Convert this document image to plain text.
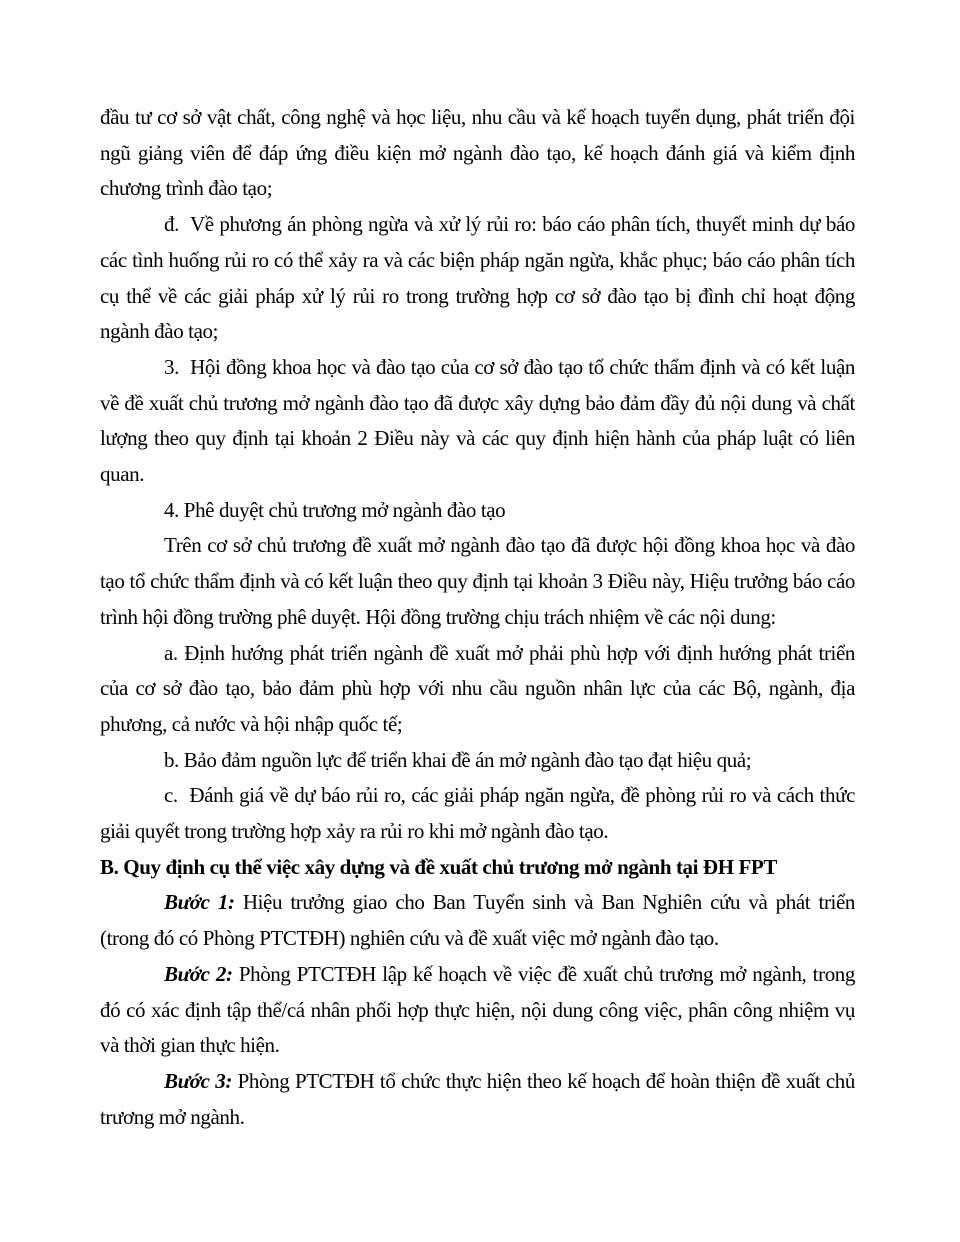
đầu tư cơ sở vật chất, công nghệ và học liệu, nhu cầu và kế hoạch tuyển dụng, phát triển đội ngũ giảng viên để đáp ứng điều kiện mở ngành đào tạo, kế hoạch đánh giá và kiểm định chương trình đào tạo;

đ.  Về phương án phòng ngừa và xử lý rủi ro: báo cáo phân tích, thuyết minh dự báo các tình huống rủi ro có thể xảy ra và các biện pháp ngăn ngừa, khắc phục; báo cáo phân tích cụ thể về các giải pháp xử lý rủi ro trong trường hợp cơ sở đào tạo bị đình chỉ hoạt động ngành đào tạo;

3.  Hội đồng khoa học và đào tạo của cơ sở đào tạo tổ chức thẩm định và có kết luận về đề xuất chủ trương mở ngành đào tạo đã được xây dựng bảo đảm đầy đủ nội dung và chất lượng theo quy định tại khoản 2 Điều này và các quy định hiện hành của pháp luật có liên quan.

4. Phê duyệt chủ trương mở ngành đào tạo

Trên cơ sở chủ trương đề xuất mở ngành đào tạo đã được hội đồng khoa học và đào tạo tổ chức thẩm định và có kết luận theo quy định tại khoản 3 Điều này, Hiệu trưởng báo cáo trình hội đồng trường phê duyệt. Hội đồng trường chịu trách nhiệm về các nội dung:

a. Định hướng phát triển ngành đề xuất mở phải phù hợp với định hướng phát triển của cơ sở đào tạo, bảo đảm phù hợp với nhu cầu nguồn nhân lực của các Bộ, ngành, địa phương, cả nước và hội nhập quốc tế;

b. Bảo đảm nguồn lực để triển khai đề án mở ngành đào tạo đạt hiệu quả;

c.  Đánh giá về dự báo rủi ro, các giải pháp ngăn ngừa, đề phòng rủi ro và cách thức giải quyết trong trường hợp xảy ra rủi ro khi mở ngành đào tạo.

B. Quy định cụ thể việc xây dựng và đề xuất chủ trương mở ngành tại ĐH FPT

Bước 1: Hiệu trưởng giao cho Ban Tuyển sinh và Ban Nghiên cứu và phát triển (trong đó có Phòng PTCTĐH) nghiên cứu và đề xuất việc mở ngành đào tạo.

Bước 2: Phòng PTCTĐH lập kế hoạch về việc đề xuất chủ trương mở ngành, trong đó có xác định tập thể/cá nhân phối hợp thực hiện, nội dung công việc, phân công nhiệm vụ và thời gian thực hiện.

Bước 3: Phòng PTCTĐH tổ chức thực hiện theo kế hoạch để hoàn thiện đề xuất chủ trương mở ngành.
